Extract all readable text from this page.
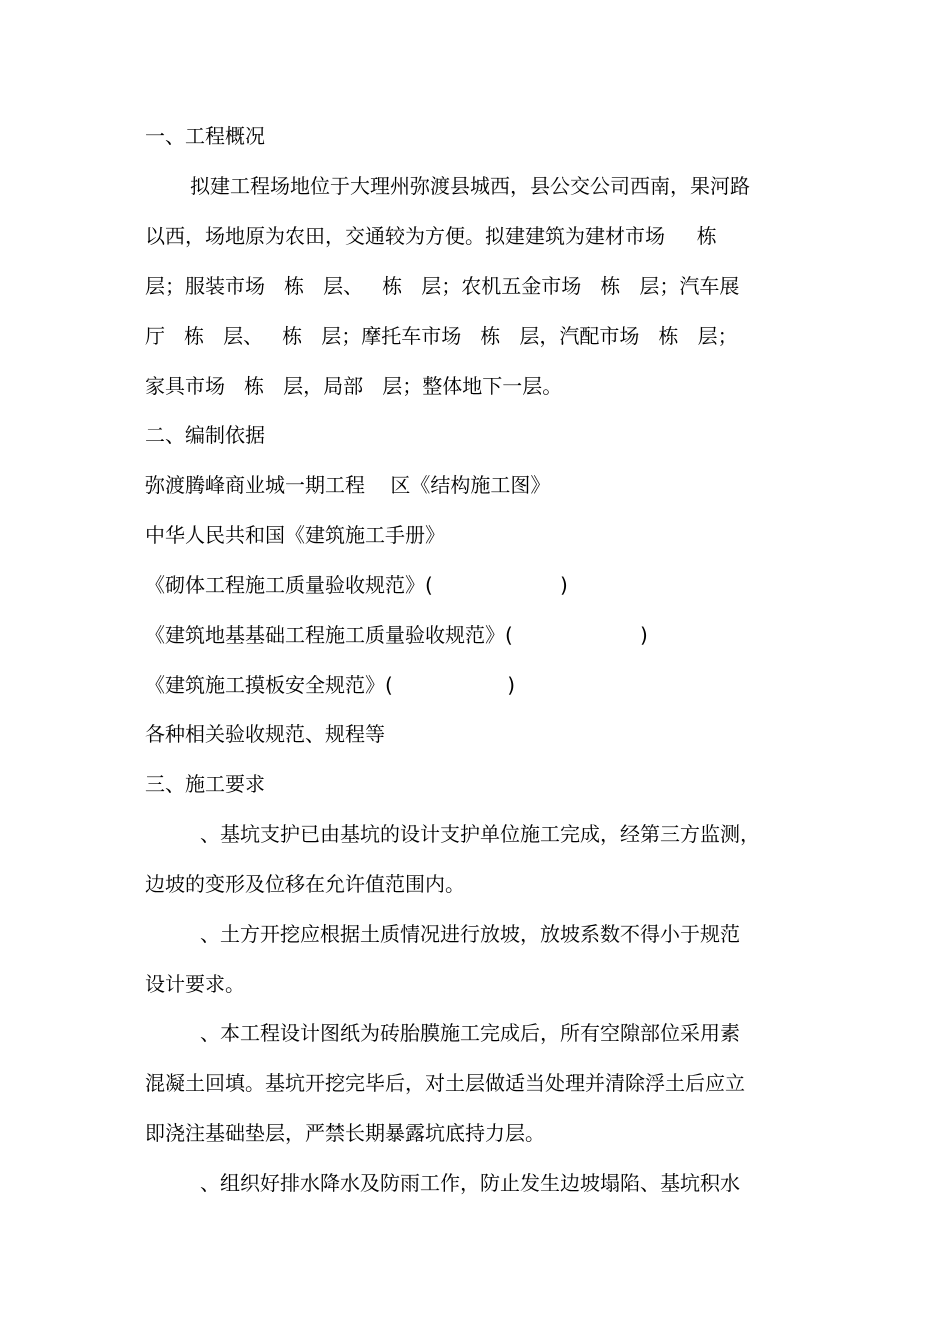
一、工程概况
拟建工程场地位于大理州弥渡县城西，县公交公司西南，果河路
以西，场地原为农田，交通较为方便。拟建建筑为建材市场     栋
层；服装市场   栋   层、   栋   层；农机五金市场   栋   层；汽车展
厅   栋   层、   栋   层；摩托车市场   栋   层，汽配市场   栋   层；
家具市场   栋   层，局部   层；整体地下一层。
二、编制依据
弥渡腾峰商业城一期工程    区《结构施工图》
中华人民共和国《建筑施工手册》
《砌体工程施工质量验收规范》(                    )
《建筑地基基础工程施工质量验收规范》(                    )
《建筑施工摸板安全规范》(                  )
各种相关验收规范、规程等
三、施工要求
、基坑支护已由基坑的设计支护单位施工完成，经第三方监测，
边坡的变形及位移在允许值范围内。
、土方开挖应根据土质情况进行放坡，放坡系数不得小于规范
设计要求。
、本工程设计图纸为砖胎膜施工完成后，所有空隙部位采用素
混凝土回填。基坑开挖完毕后，对土层做适当处理并清除浮土后应立
即浇注基础垫层，严禁长期暴露坑底持力层。
、组织好排水降水及防雨工作，防止发生边坡塌陷、基坑积水
